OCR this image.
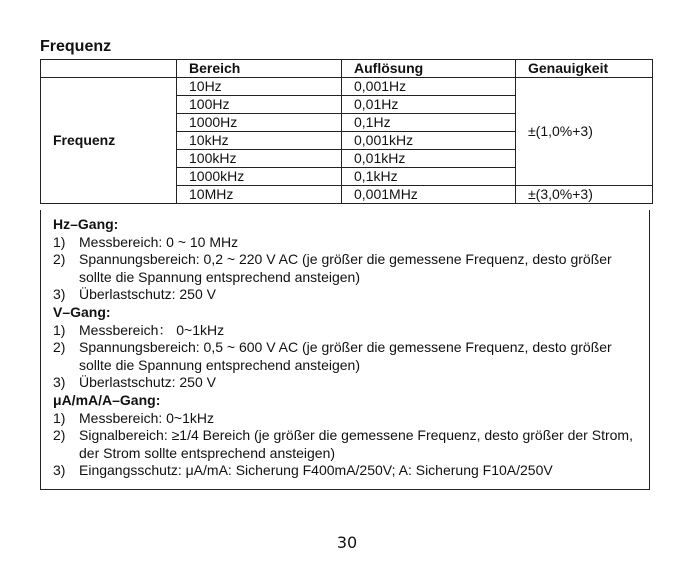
Frequenz
	Bereich	Auflösung	Genauigkeit
Frequenz	10Hz	0,001Hz	±(1,0%+3)
	100Hz	0,01Hz	
	1000Hz	0,1Hz	
	10kHz	0,001kHz	
	100kHz	0,01kHz	
	1000kHz	0,1kHz	
	10MHz	0,001MHz	±(3,0%+3)
Hz–Gang:
1) Messbereich: 0 ~ 10 MHz
2) Spannungsbereich: 0,2 ~ 220 V AC (je größer die gemessene Frequenz, desto größer sollte die Spannung entsprechend ansteigen)
3) Überlastschutz: 250 V
V–Gang:
1) Messbereich： 0~1kHz
2) Spannungsbereich: 0,5 ~ 600 V AC (je größer die gemessene Frequenz, desto größer sollte die Spannung entsprechend ansteigen)
3) Überlastschutz: 250 V
μA/mA/A–Gang:
1) Messbereich: 0~1kHz
2) Signalbereich: ≥1/4 Bereich (je größer die gemessene Frequenz, desto größer der Strom, der Strom sollte entsprechend ansteigen)
3) Eingangsschutz: μA/mA: Sicherung F400mA/250V; A: Sicherung F10A/250V
30
